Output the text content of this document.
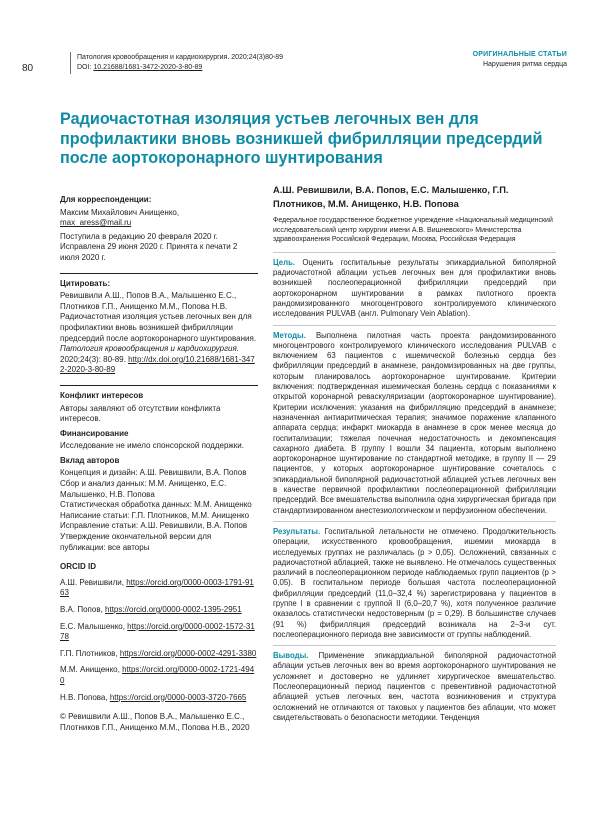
80
Патология кровообращения и кардиохирургия. 2020;24(3)80-89
DOI: 10.21688/1681-3472-2020-3-80-89
ОРИГИНАЛЬНЫЕ СТАТЬИ
Нарушения ритма сердца
Радиочастотная изоляция устьев легочных вен для профилактики вновь возникшей фибрилляции предсердий после аортокоронарного шунтирования
Для корреспонденции:
Максим Михайлович Анищенко,

max_aress@mail.ru

Поступила в редакцию 20 февраля 2020 г. Исправлена 29 июня 2020 г. Принята к печати 2 июля 2020 г.

Цитировать:

Ревишвили А.Ш., Попов В.А., Малышенко Е.С., Плотников Г.П., Анищенко М.М., Попова Н.В. Радиочастотная изоляция устьев легочных вен для профилактики вновь возникшей фибрилляции предсердий после аортокоронарного шунтирования. Патология кровообращения и кардиохирургия. 2020;24(3): 80-89. http://dx.doi.org/10.21688/1681-3472-2020-3-80-89

Конфликт интересов

Авторы заявляют об отсутствии конфликта интересов.

Финансирование

Исследование не имело спонсорской поддержки.

Вклад авторов
Концепция и дизайн: А.Ш. Ревишвили, В.А. Попов
Сбор и анализ данных: М.М. Анищенко, Е.С. Малышенко, Н.В. Попова
Статистическая обработка данных: М.М. Анищенко
Написание статьи: Г.П. Плотников, М.М. Анищенко
Исправление статьи: А.Ш. Ревишвили, В.А. Попов
Утверждение окончательной версии для публикации: все авторы
ORCID ID
А.Ш. Ревишвили, https://orcid.org/0000-0003-1791-9163
В.А. Попов, https://orcid.org/0000-0002-1395-2951
Е.С. Малышенко, https://orcid.org/0000-0002-1572-3178
Г.П. Плотников, https://orcid.org/0000-0002-4291-3380
М.М. Анищенко, https://orcid.org/0000-0002-1721-4940
Н.В. Попова, https://orcid.org/0000-0003-3720-7665

© Ревишвили А.Ш., Попов В.А., Малышенко Е.С., Плотников Г.П., Анищенко М.М., Попова Н.В., 2020

А.Ш. Ревишвили, В.А. Попов, Е.С. Малышенко, Г.П. Плотников, М.М. Анищенко, Н.В. Попова
Федеральное государственное бюджетное учреждение «Национальный медицинский исследовательский центр хирургии имени А.В. Вишневского» Министерства здравоохранения Российской Федерации, Москва, Российская Федерация

Цель. Оценить госпитальные результаты эпикардиальной биполярной радиочастотной аблации устьев легочных вен для профилактики вновь возникшей послеоперационной фибрилляции предсердий при аортокоронарном шунтировании в рамках пилотного проекта рандомизированного многоцентрового контролируемого клинического исследования PULVAB (англ. Pulmonary Vein Ablation).

Методы. Выполнена пилотная часть проекта рандомизированного многоцентрового контролируемого клинического исследования PULVAB с включением 63 пациентов с ишемической болезнью сердца без фибрилляции предсердий в анамнезе, рандомизированных на две группы, которым планировалось аортокоронарное шунтирование. Критерии включения: подтвержденная ишемическая болезнь сердца с показаниями к открытой коронарной реваскуляризации (аортокоронарное шунтирование). Критерии исключения: указания на фибрилляцию предсердий в анамнезе; назначенная антиаритмическая терапия; значимое поражение клапанного аппарата сердца; инфаркт миокарда в анамнезе в срок менее месяца до госпитализации; тяжелая почечная недостаточность и декомпенсация сахарного диабета. В группу I вошли 34 пациента, которым выполнено аортокоронарное шунтирование по стандартной методике, в группу II — 29 пациентов, у которых аортокоронарное шунтирование сочеталось с эпикардиальной биполярной радиочастотной аблацией устьев легочных вен в качестве первичной профилактики послеоперационной фибрилляции предсердий. Все вмешательства выполнила одна хирургическая бригада при стандартизированном анестезиологическом и перфузионном обеспечении.

Результаты. Госпитальной летальности не отмечено. Продолжительность операции, искусственного кровообращения, ишемии миокарда в исследуемых группах не различалась (p > 0,05). Осложнений, связанных с радиочастотной аблацией, также не выявлено. Не отмечалось существенных различий в послеоперационном периоде наблюдаемых групп пациентов (p > 0,05). В госпитальном периоде большая частота послеоперационной фибрилляции предсердий (11,0–32,4 %) зарегистрирована у пациентов в группе I в сравнении с группой II (6,0–20,7 %), хотя полученное различие оказалось статистически недостоверным (p = 0,29). В большинстве случаев (91 %) фибрилляция предсердий возникала на 2–3-и сут. послеоперационного периода вне зависимости от группы наблюдений.

Выводы. Применение эпикардиальной биполярной радиочастотной аблации устьев легочных вен во время аортокоронарного шунтирования не усложняет и достоверно не удлиняет хирургическое вмешательство. Послеоперационный период пациентов с превентивной радиочастотной аблацией устьев легочных вен, частота возникновения и структура осложнений не отличаются от таковых у пациентов без аблации, что может свидетельствовать о безопасности методики. Тенденция
